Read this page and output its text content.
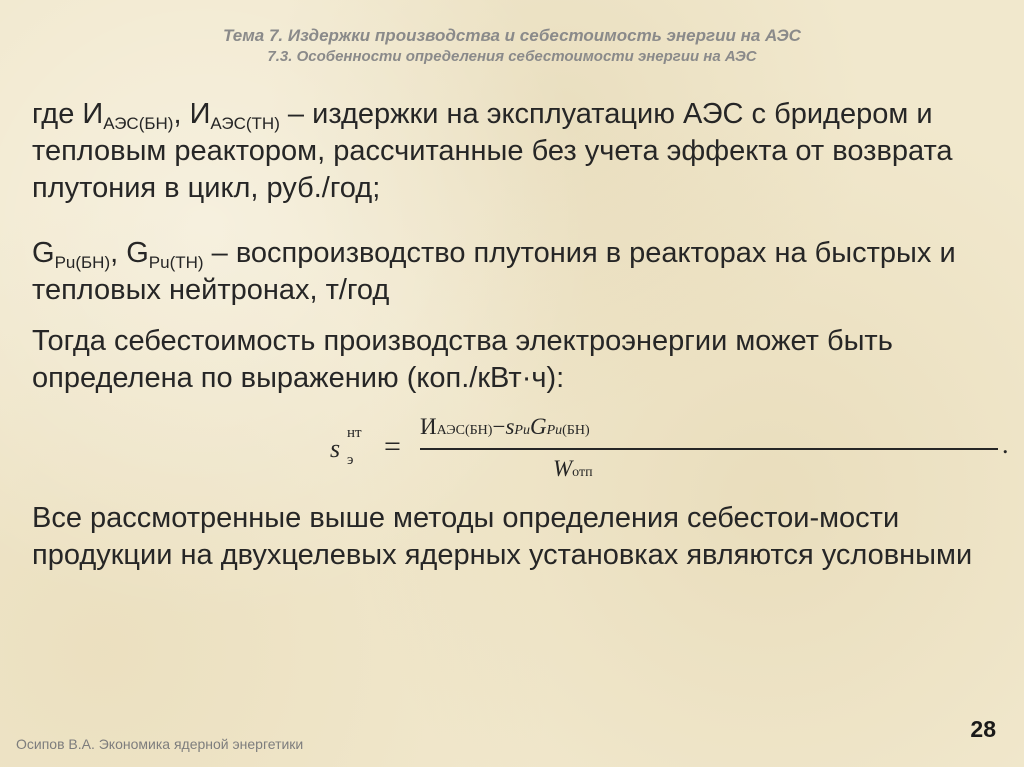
Тема 7. Издержки производства и себестоимость энергии на АЭС
7.3. Особенности определения себестоимости энергии на АЭС
где $И_{АЭС(БН)}$, $И_{АЭС(ТН)}$ – издержки на эксплуатацию АЭС с бридером и тепловым реактором, рассчитанные без учета эффекта от возврата плутония в цикл, руб./год;
$G_{Pu(БН)}$, $G_{Pu(ТН)}$ – воспроизводство плутония в реакторах на быстрых и тепловых нейтронах, т/год
Тогда себестоимость производства электроэнергии может быть определена по выражению (коп./кВт·ч):
s
нт
э =
ИАЭС(БН)−sPuGPu(БН)
Wотп
.
Все рассмотренные выше методы определения себестои-мости продукции на двухцелевых ядерных установках являются условными
Осипов В.А. Экономика ядерной энергетики
28
